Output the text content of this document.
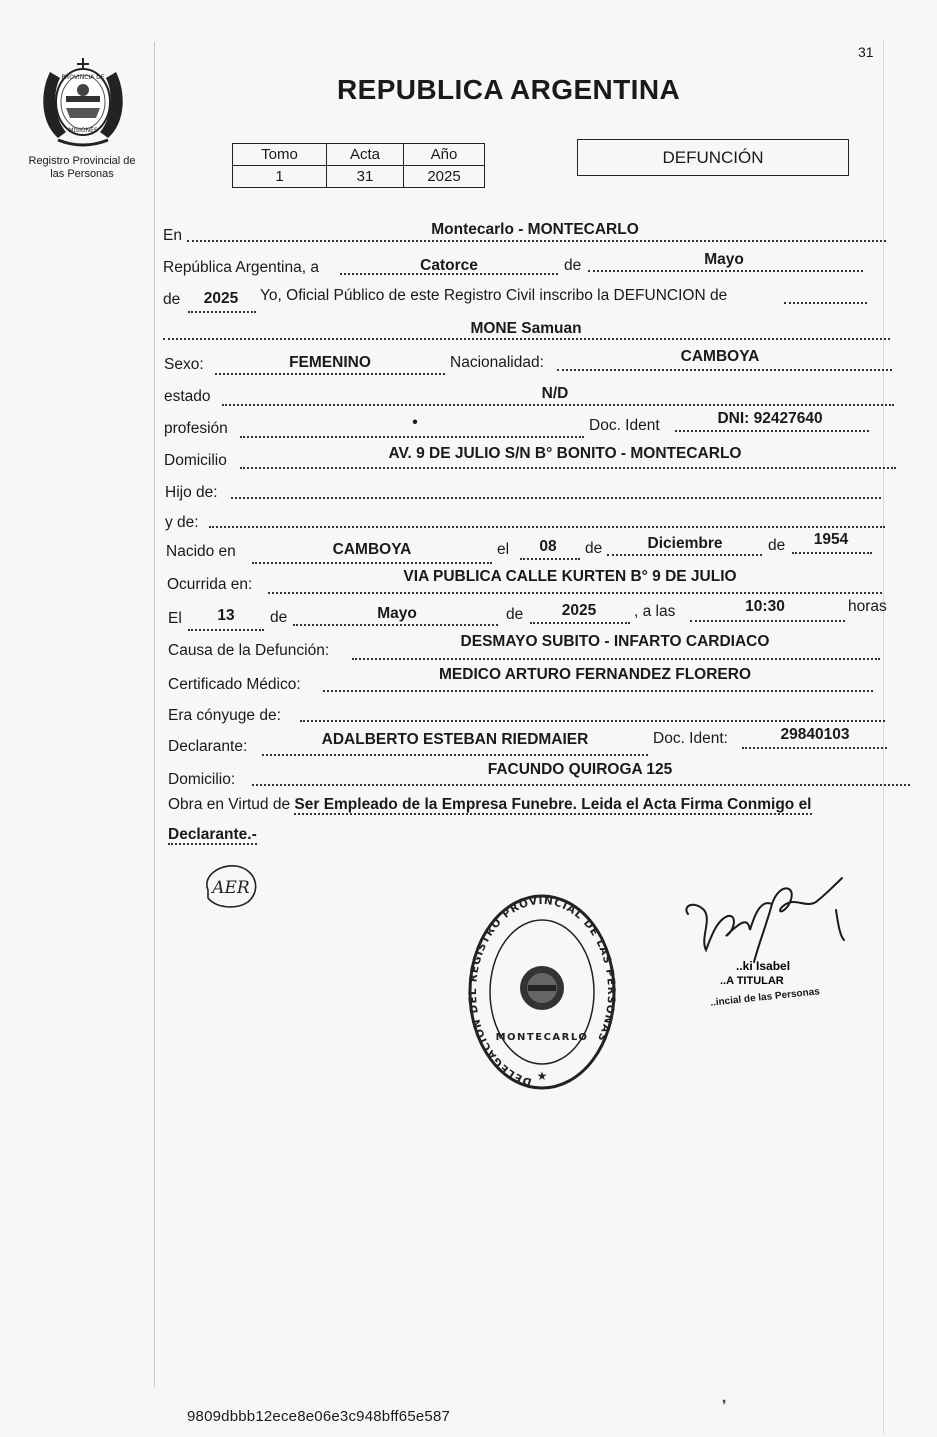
31
PROVINCIA DE
MISIONES
Registro Provincial de
las Personas
REPUBLICA ARGENTINA
Tomo	Acta	Año
1	31	2025
DEFUNCIÓN
En	Montecarlo - MONTECARLO
República Argentina, a	Catorce	de	Mayo
de	2025	Yo, Oficial Público de este Registro Civil inscribo la DEFUNCION de
MONE Samuan
Sexo:	FEMENINO	Nacionalidad:	CAMBOYA
estado	N/D
profesión	•	Doc. Ident	DNI: 92427640
Domicilio	AV. 9 DE JULIO S/N B° BONITO - MONTECARLO
Hijo de:
y de:
Nacido en	CAMBOYA	el	08	de	Diciembre	de	1954
Ocurrida en:	VIA PUBLICA CALLE KURTEN B° 9 DE JULIO
El	13	de	Mayo	de	2025	, a las	10:30	horas
Causa de la Defunción:
DESMAYO SUBITO - INFARTO CARDIACO
Certificado Médico:
MEDICO ARTURO FERNANDEZ FLORERO
Era cónyuge de:
Declarante:	ADALBERTO ESTEBAN RIEDMAIER	Doc. Ident:	29840103
Domicilio:
FACUNDO QUIROGA 125
Obra en Virtud de Ser Empleado de la Empresa Funebre. Leida el Acta Firma Conmigo el
Declarante.-
AER
DELEGACION DEL REGISTRO PROVINCIAL DE LAS PERSONAS
MONTECARLO
★
..ki Isabel
..A TITULAR
..incial de las Personas
9809dbbb12ece8e06e3c948bff65e587
❜
